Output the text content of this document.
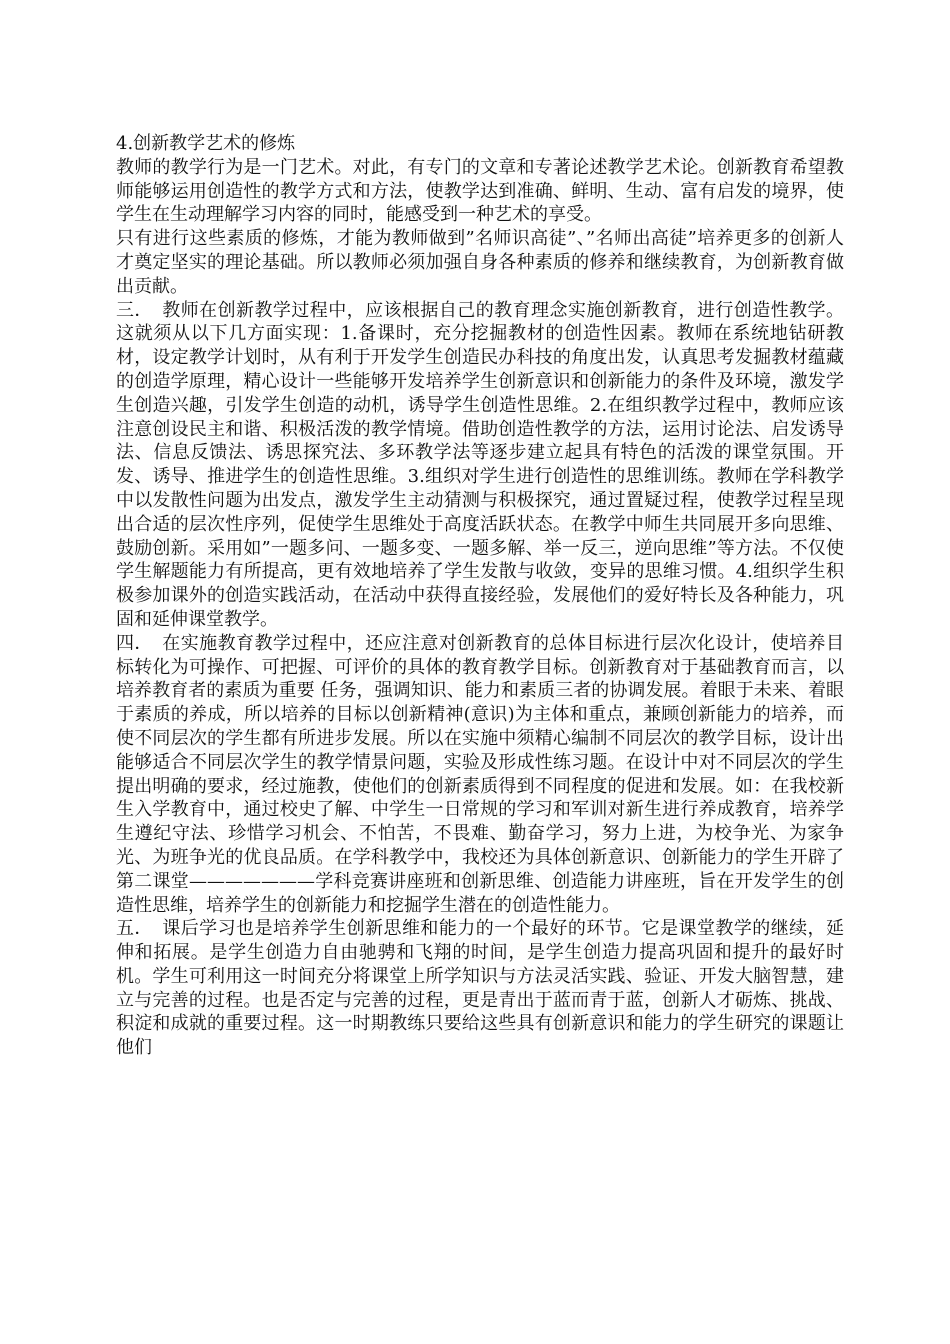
4.创新教学艺术的修炼

教师的教学行为是一门艺术。对此，有专门的文章和专著论述教学艺术论。创新教育希望教师能够运用创造性的教学方式和方法，使教学达到准确、鲜明、生动、富有启发的境界，使学生在生动理解学习内容的同时，能感受到一种艺术的享受。

只有进行这些素质的修炼，才能为教师做到”名师识高徒”、”名师出高徒”培养更多的创新人才奠定坚实的理论基础。所以教师必须加强自身各种素质的修养和继续教育，为创新教育做出贡献。

三．　教师在创新教学过程中，应该根据自己的教育理念实施创新教育，进行创造性教学。这就须从以下几方面实现：1.备课时，充分挖掘教材的创造性因素。教师在系统地钻研教材，设定教学计划时，从有利于开发学生创造民办科技的角度出发，认真思考发掘教材蕴藏的创造学原理，精心设计一些能够开发培养学生创新意识和创新能力的条件及环境，激发学生创造兴趣，引发学生创造的动机，诱导学生创造性思维。2.在组织教学过程中，教师应该注意创设民主和谐、积极活泼的教学情境。借助创造性教学的方法，运用讨论法、启发诱导法、信息反馈法、诱思探究法、多环教学法等逐步建立起具有特色的活泼的课堂氛围。开发、诱导、推进学生的创造性思维。3.组织对学生进行创造性的思维训练。教师在学科教学中以发散性问题为出发点，激发学生主动猜测与积极探究，通过置疑过程，使教学过程呈现出合适的层次性序列，促使学生思维处于高度活跃状态。在教学中师生共同展开多向思维、鼓励创新。采用如”一题多问、一题多变、一题多解、举一反三，逆向思维”等方法。不仅使学生解题能力有所提高，更有效地培养了学生发散与收敛，变异的思维习惯。4.组织学生积极参加课外的创造实践活动，在活动中获得直接经验，发展他们的爱好特长及各种能力，巩固和延伸课堂教学。

四．　在实施教育教学过程中，还应注意对创新教育的总体目标进行层次化设计，使培养目标转化为可操作、可把握、可评价的具体的教育教学目标。创新教育对于基础教育而言，以培养教育者的素质为重要 任务，强调知识、能力和素质三者的协调发展。着眼于未来、着眼于素质的养成，所以培养的目标以创新精神(意识)为主体和重点，兼顾创新能力的培养，而使不同层次的学生都有所进步发展。所以在实施中须精心编制不同层次的教学目标，设计出能够适合不同层次学生的教学情景问题，实验及形成性练习题。在设计中对不同层次的学生提出明确的要求，经过施教，使他们的创新素质得到不同程度的促进和发展。如：在我校新生入学教育中，通过校史了解、中学生一日常规的学习和军训对新生进行养成教育，培养学生遵纪守法、珍惜学习机会、不怕苦，不畏难、勤奋学习，努力上进，为校争光、为家争光、为班争光的优良品质。在学科教学中，我校还为具体创新意识、创新能力的学生开辟了第二课堂———————学科竞赛讲座班和创新思维、创造能力讲座班，旨在开发学生的创造性思维，培养学生的创新能力和挖掘学生潜在的创造性能力。

五．　课后学习也是培养学生创新思维和能力的一个最好的环节。它是课堂教学的继续，延伸和拓展。是学生创造力自由驰骋和飞翔的时间，是学生创造力提高巩固和提升的最好时机。学生可利用这一时间充分将课堂上所学知识与方法灵活实践、验证、开发大脑智慧，建立与完善的过程。也是否定与完善的过程，更是青出于蓝而青于蓝，创新人才砺炼、挑战、积淀和成就的重要过程。这一时期教练只要给这些具有创新意识和能力的学生研究的课题让他们
